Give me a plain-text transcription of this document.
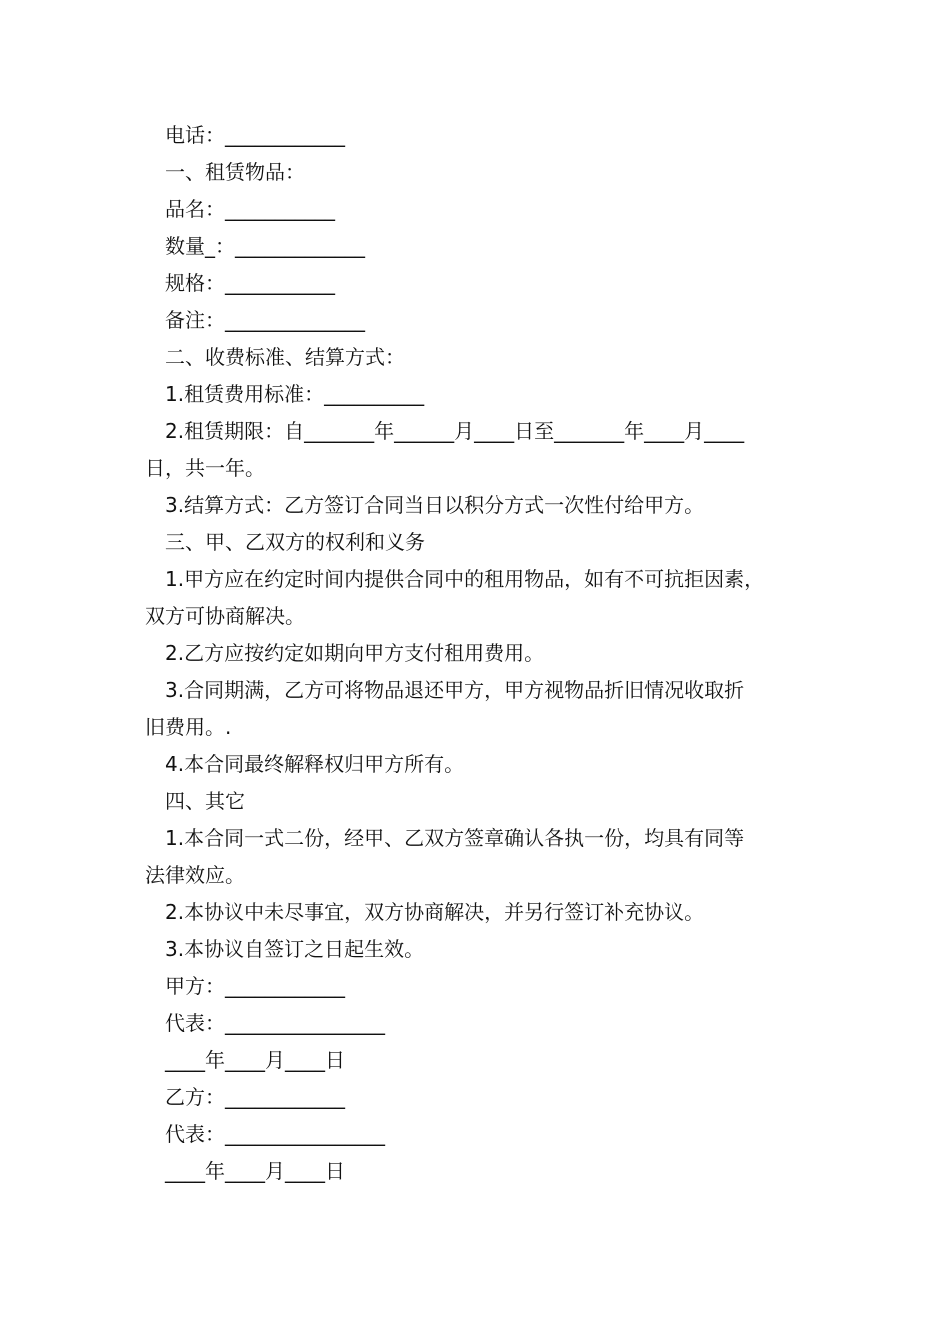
电话：____________
一、租赁物品：
品名：___________
数量_：_____________
规格：___________
备注：______________
二、收费标准、结算方式：
1.租赁费用标准：__________
2.租赁期限：自_______年______月____日至_______年____月____
日，共一年。
3.结算方式：乙方签订合同当日以积分方式一次性付给甲方。
三、甲、乙双方的权利和义务
1.甲方应在约定时间内提供合同中的租用物品，如有不可抗拒因素，
双方可协商解决。
2.乙方应按约定如期向甲方支付租用费用。
3.合同期满，乙方可将物品退还甲方，甲方视物品折旧情况收取折
旧费用。.
4.本合同最终解释权归甲方所有。
四、其它
1.本合同一式二份，经甲、乙双方签章确认各执一份，均具有同等
法律效应。
2.本协议中未尽事宜，双方协商解决，并另行签订补充协议。
3.本协议自签订之日起生效。
甲方：____________
代表：________________
____年____月____日
乙方：____________
代表：________________
____年____月____日
